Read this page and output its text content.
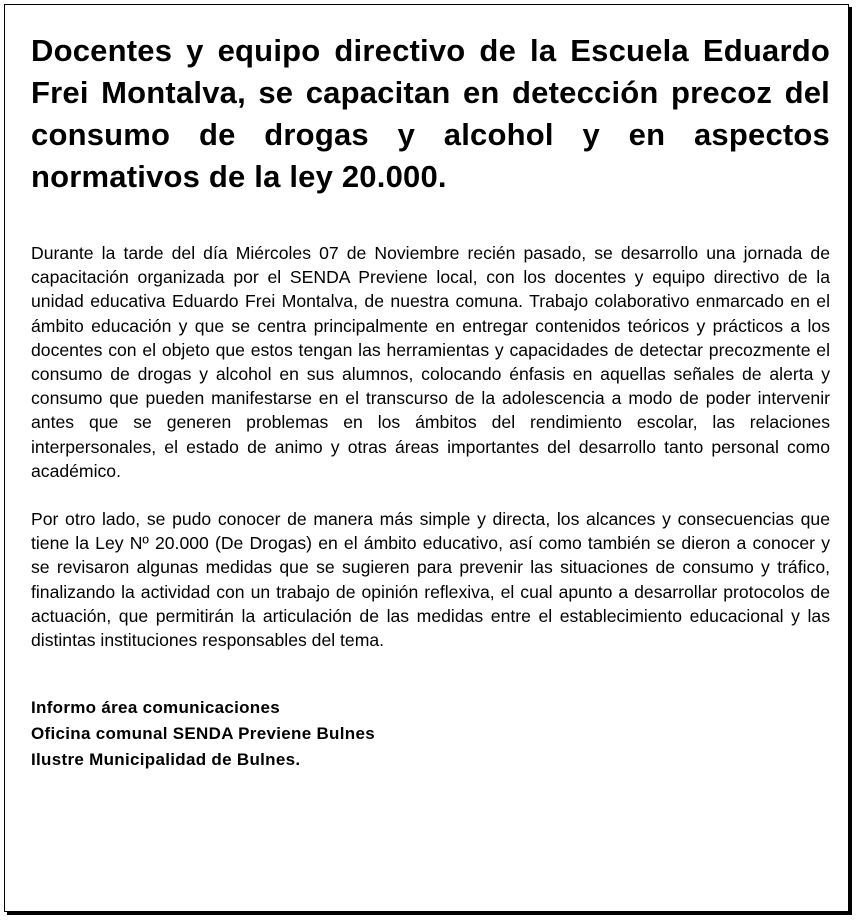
Docentes y equipo directivo de la Escuela Eduardo Frei Montalva, se capacitan en detección precoz del consumo de drogas y alcohol y en aspectos normativos de la ley 20.000.

Durante la tarde del día Miércoles 07 de Noviembre recién pasado, se desarrollo una jornada de capacitación organizada por el SENDA Previene local, con los docentes y equipo directivo de la unidad educativa Eduardo Frei Montalva, de nuestra comuna. Trabajo colaborativo enmarcado en el ámbito educación y que se centra principalmente en entregar contenidos teóricos y prácticos a los docentes con el objeto que estos tengan las herramientas y capacidades de detectar precozmente el consumo de drogas y alcohol en sus alumnos, colocando énfasis en aquellas señales de alerta y consumo que pueden manifestarse en el transcurso de la adolescencia a modo de poder intervenir antes que se generen problemas en los ámbitos del rendimiento escolar, las relaciones interpersonales, el estado de animo y otras áreas importantes del desarrollo tanto personal como académico.

Por otro lado, se pudo conocer de manera más simple y directa, los alcances y consecuencias que tiene la Ley Nº 20.000 (De Drogas) en el ámbito educativo, así como también se dieron a conocer y se revisaron algunas medidas que se sugieren para prevenir las situaciones de consumo y tráfico, finalizando la actividad con un trabajo de opinión reflexiva, el cual apunto a desarrollar protocolos de actuación, que permitirán la articulación de las medidas entre el establecimiento educacional y las distintas instituciones responsables del tema.

Informo área comunicaciones
Oficina comunal SENDA Previene Bulnes
Ilustre Municipalidad de Bulnes.
